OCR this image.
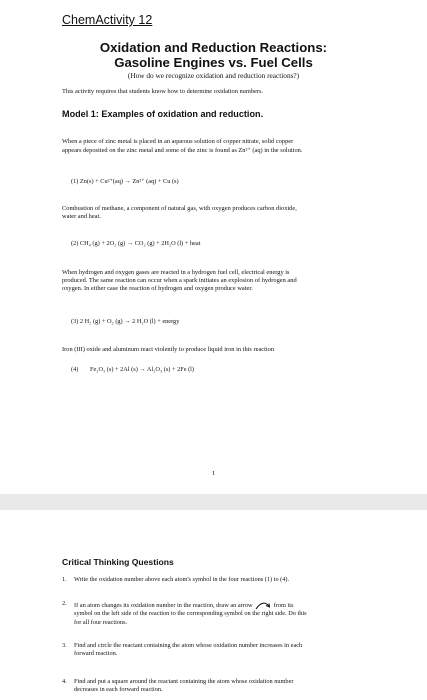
ChemActivity 12
Oxidation and Reduction Reactions:
Gasoline Engines vs. Fuel Cells
(How do we recognize oxidation and reduction reactions?)
This activity requires that students know how to determine oxidation numbers.
Model 1: Examples of oxidation and reduction.
When a piece of zinc metal is placed in an aqueous solution of copper nitrate, solid copper
appears deposited on the zinc metal and some of the zinc is found as Zn²⁺ (aq) in the solution.
(1) Zn(s) + Cu²⁺(aq) → Zn²⁺ (aq) + Cu (s)
Combustion of methane, a component of natural gas, with oxygen produces carbon dioxide,
water and heat.
(2) CH₄ (g) + 2O₂ (g) → CO₂ (g) + 2H₂O (l) + heat
When hydrogen and oxygen gases are reacted in a hydrogen fuel cell, electrical energy is
produced. The same reaction can occur when a spark initiates an explosion of hydrogen and
oxygen. In either case the reaction of hydrogen and oxygen produce water.
(3) 2 H₂ (g) + O₂ (g) → 2 H₂O (l) + energy
Iron (III) oxide and aluminum react violently to produce liquid iron in this reaction
(4) Fe₂O₃ (s) + 2Al (s) → Al₂O₃ (s) + 2Fe (l)
1
Critical Thinking Questions
1. Write the oxidation number above each atom's symbol in the four reactions (1) to (4).
2. If an atom changes its oxidation number in the reaction, draw an arrow	from its
symbol on the left side of the reaction to the corresponding symbol on the right side. Do this
for all four reactions.
3. Find and circle the reactant containing the atom whose oxidation number increases in each
forward reaction.
4. Find and put a square around the reactant containing the atom whose oxidation number
decreases in each forward reaction.
